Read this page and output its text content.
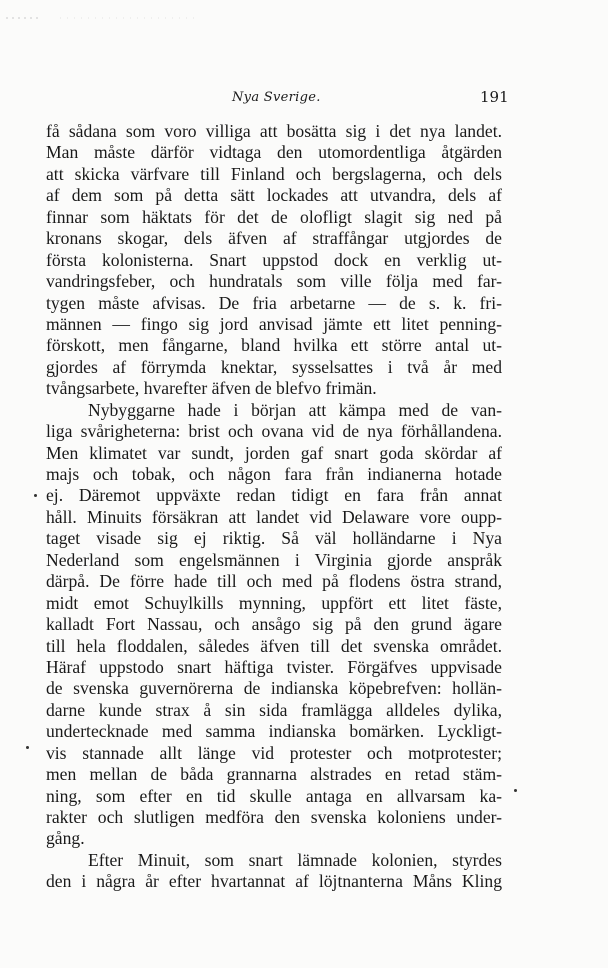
Nya Sverige.	191
få sådana som voro villiga att bosätta sig i det nya landet.
Man måste därför vidtaga den utomordentliga åtgärden
att skicka värfvare till Finland och bergslagerna, och dels
af dem som på detta sätt lockades att utvandra, dels af
finnar som häktats för det de olofligt slagit sig ned på
kronans skogar, dels äfven af straffångar utgjordes de
första kolonisterna. Snart uppstod dock en verklig ut-
vandringsfeber, och hundratals som ville följa med far-
tygen måste afvisas. De fria arbetarne — de s. k. fri-
männen — fingo sig jord anvisad jämte ett litet penning-
förskott, men fångarne, bland hvilka ett större antal ut-
gjordes af förrymda knektar, sysselsattes i två år med
tvångsarbete, hvarefter äfven de blefvo frimän.
Nybyggarne hade i början att kämpa med de van-
liga svårigheterna: brist och ovana vid de nya förhållandena.
Men klimatet var sundt, jorden gaf snart goda skördar af
majs och tobak, och någon fara från indianerna hotade
ej. Däremot uppväxte redan tidigt en fara från annat
håll. Minuits försäkran att landet vid Delaware vore oupp-
taget visade sig ej riktig. Så väl holländarne i Nya
Nederland som engelsmännen i Virginia gjorde anspråk
därpå. De förre hade till och med på flodens östra strand,
midt emot Schuylkills mynning, uppfört ett litet fäste,
kalladt Fort Nassau, och ansågo sig på den grund ägare
till hela floddalen, således äfven till det svenska området.
Häraf uppstodo snart häftiga tvister. Förgäfves uppvisade
de svenska guvernörerna de indianska köpebrefven: hollän-
darne kunde strax å sin sida framlägga alldeles dylika,
undertecknade med samma indianska bomärken. Lyckligt-
vis stannade allt länge vid protester och motprotester;
men mellan de båda grannarna alstrades en retad stäm-
ning, som efter en tid skulle antaga en allvarsam ka-
rakter och slutligen medföra den svenska koloniens under-
gång.
Efter Minuit, som snart lämnade kolonien, styrdes
den i några år efter hvartannat af löjtnanterna Måns Kling
